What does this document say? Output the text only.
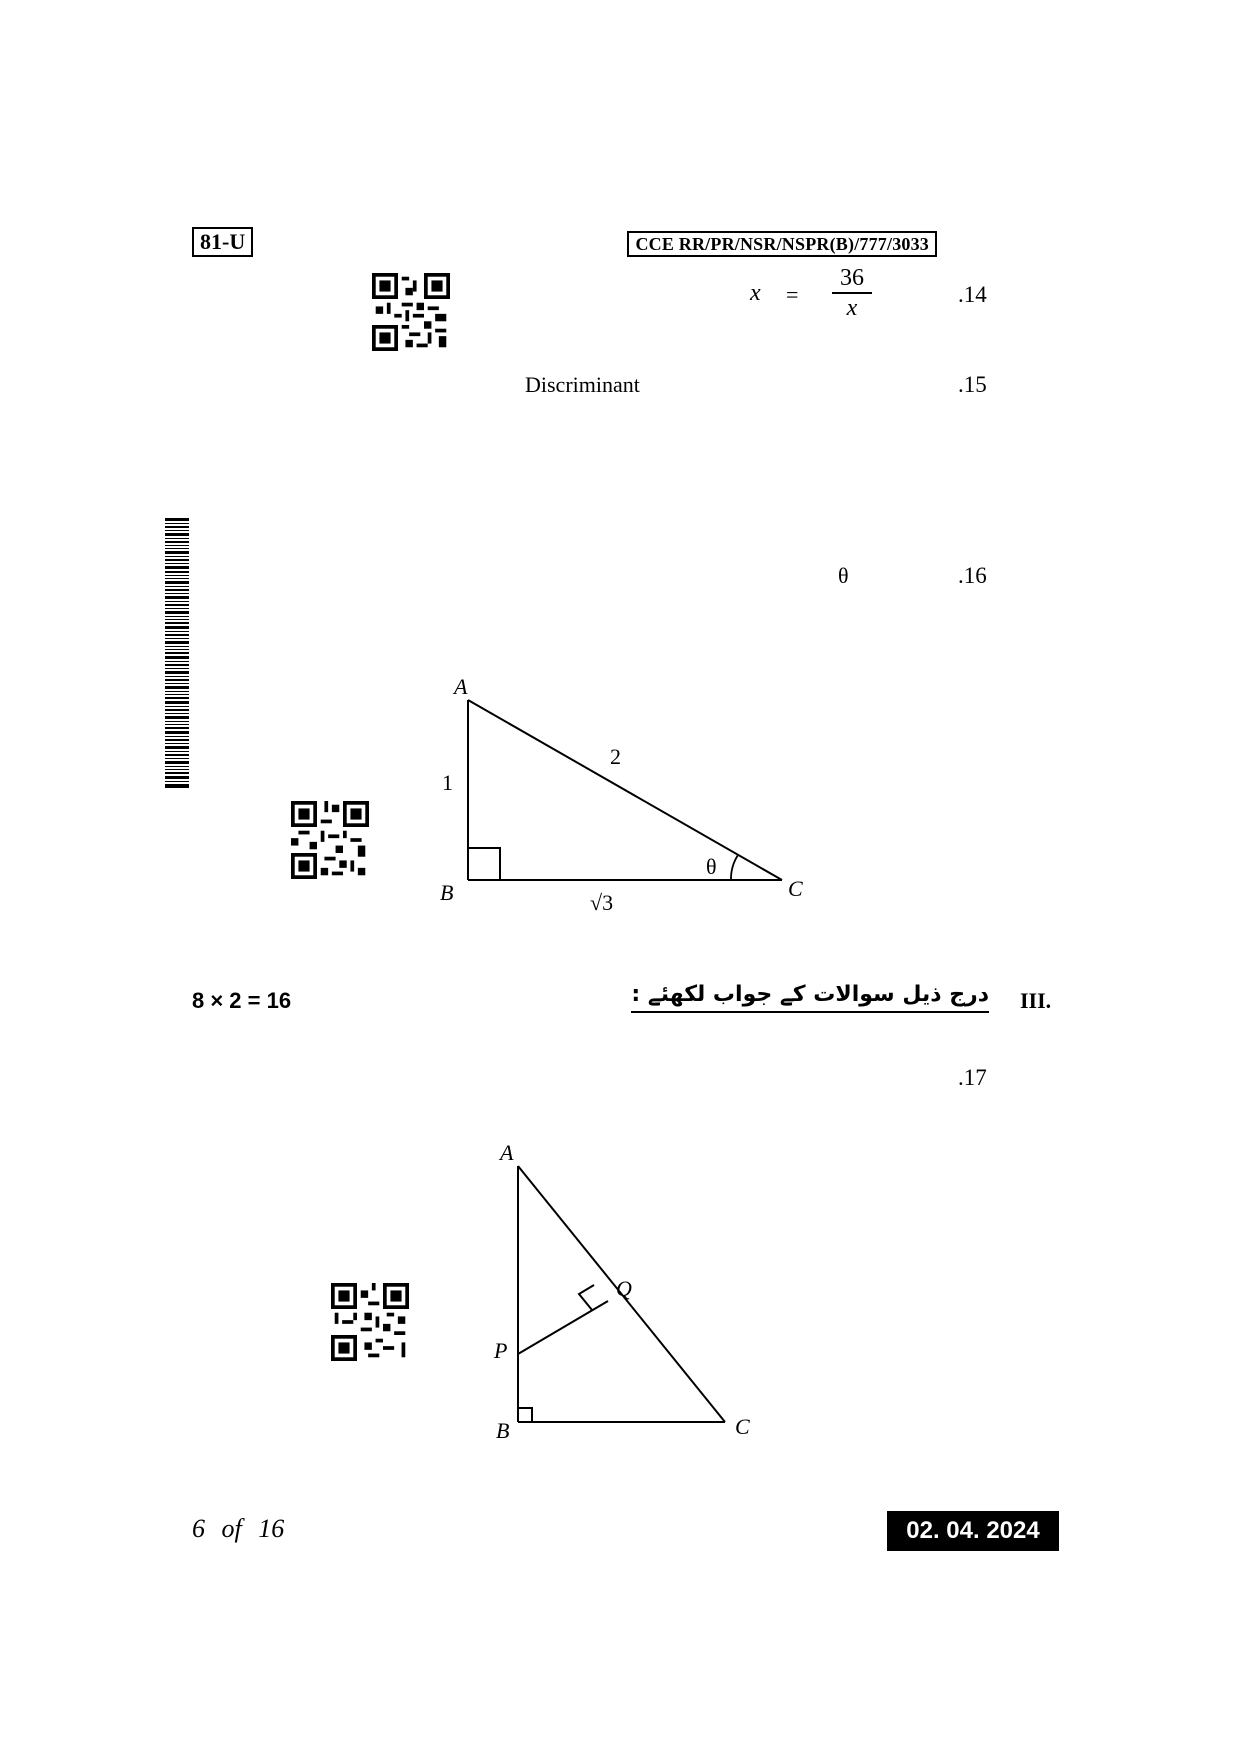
81-U	CCE RR/PR/NSR/NSPR(B)/777/3033
.14
$\frac{36}{x}$
=
x
.15
Discriminant
.16
θ
A
B	C
1
2
√3
θ
8 × 2 = 16	درج ذیل سوالات کے جواب لکھئے : III.
.17
A
B	C
P
Q
6 of 16	02. 04. 2024
